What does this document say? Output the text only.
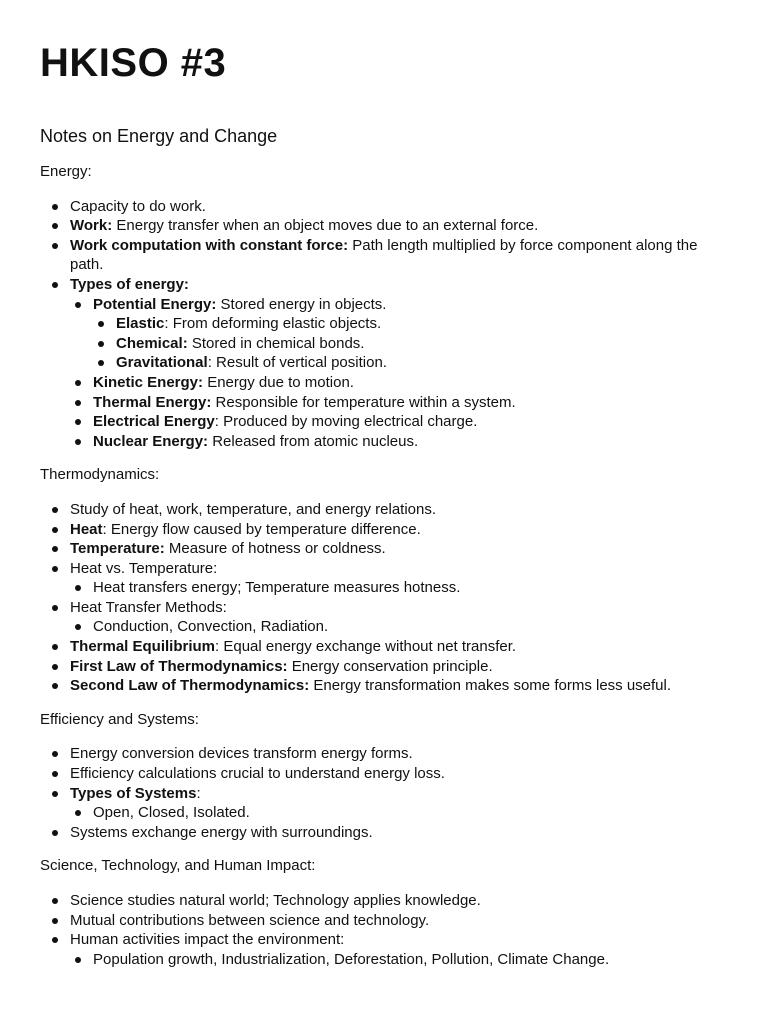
HKISO #3
Notes on Energy and Change
Energy:
Capacity to do work.
Work: Energy transfer when an object moves due to an external force.
Work computation with constant force: Path length multiplied by force component along the path.
Types of energy:
Potential Energy: Stored energy in objects.
Elastic: From deforming elastic objects.
Chemical: Stored in chemical bonds.
Gravitational: Result of vertical position.
Kinetic Energy: Energy due to motion.
Thermal Energy: Responsible for temperature within a system.
Electrical Energy: Produced by moving electrical charge.
Nuclear Energy: Released from atomic nucleus.
Thermodynamics:
Study of heat, work, temperature, and energy relations.
Heat: Energy flow caused by temperature difference.
Temperature: Measure of hotness or coldness.
Heat vs. Temperature:
Heat transfers energy; Temperature measures hotness.
Heat Transfer Methods:
Conduction, Convection, Radiation.
Thermal Equilibrium: Equal energy exchange without net transfer.
First Law of Thermodynamics: Energy conservation principle.
Second Law of Thermodynamics: Energy transformation makes some forms less useful.
Efficiency and Systems:
Energy conversion devices transform energy forms.
Efficiency calculations crucial to understand energy loss.
Types of Systems:
Open, Closed, Isolated.
Systems exchange energy with surroundings.
Science, Technology, and Human Impact:
Science studies natural world; Technology applies knowledge.
Mutual contributions between science and technology.
Human activities impact the environment:
Population growth, Industrialization, Deforestation, Pollution, Climate Change.
